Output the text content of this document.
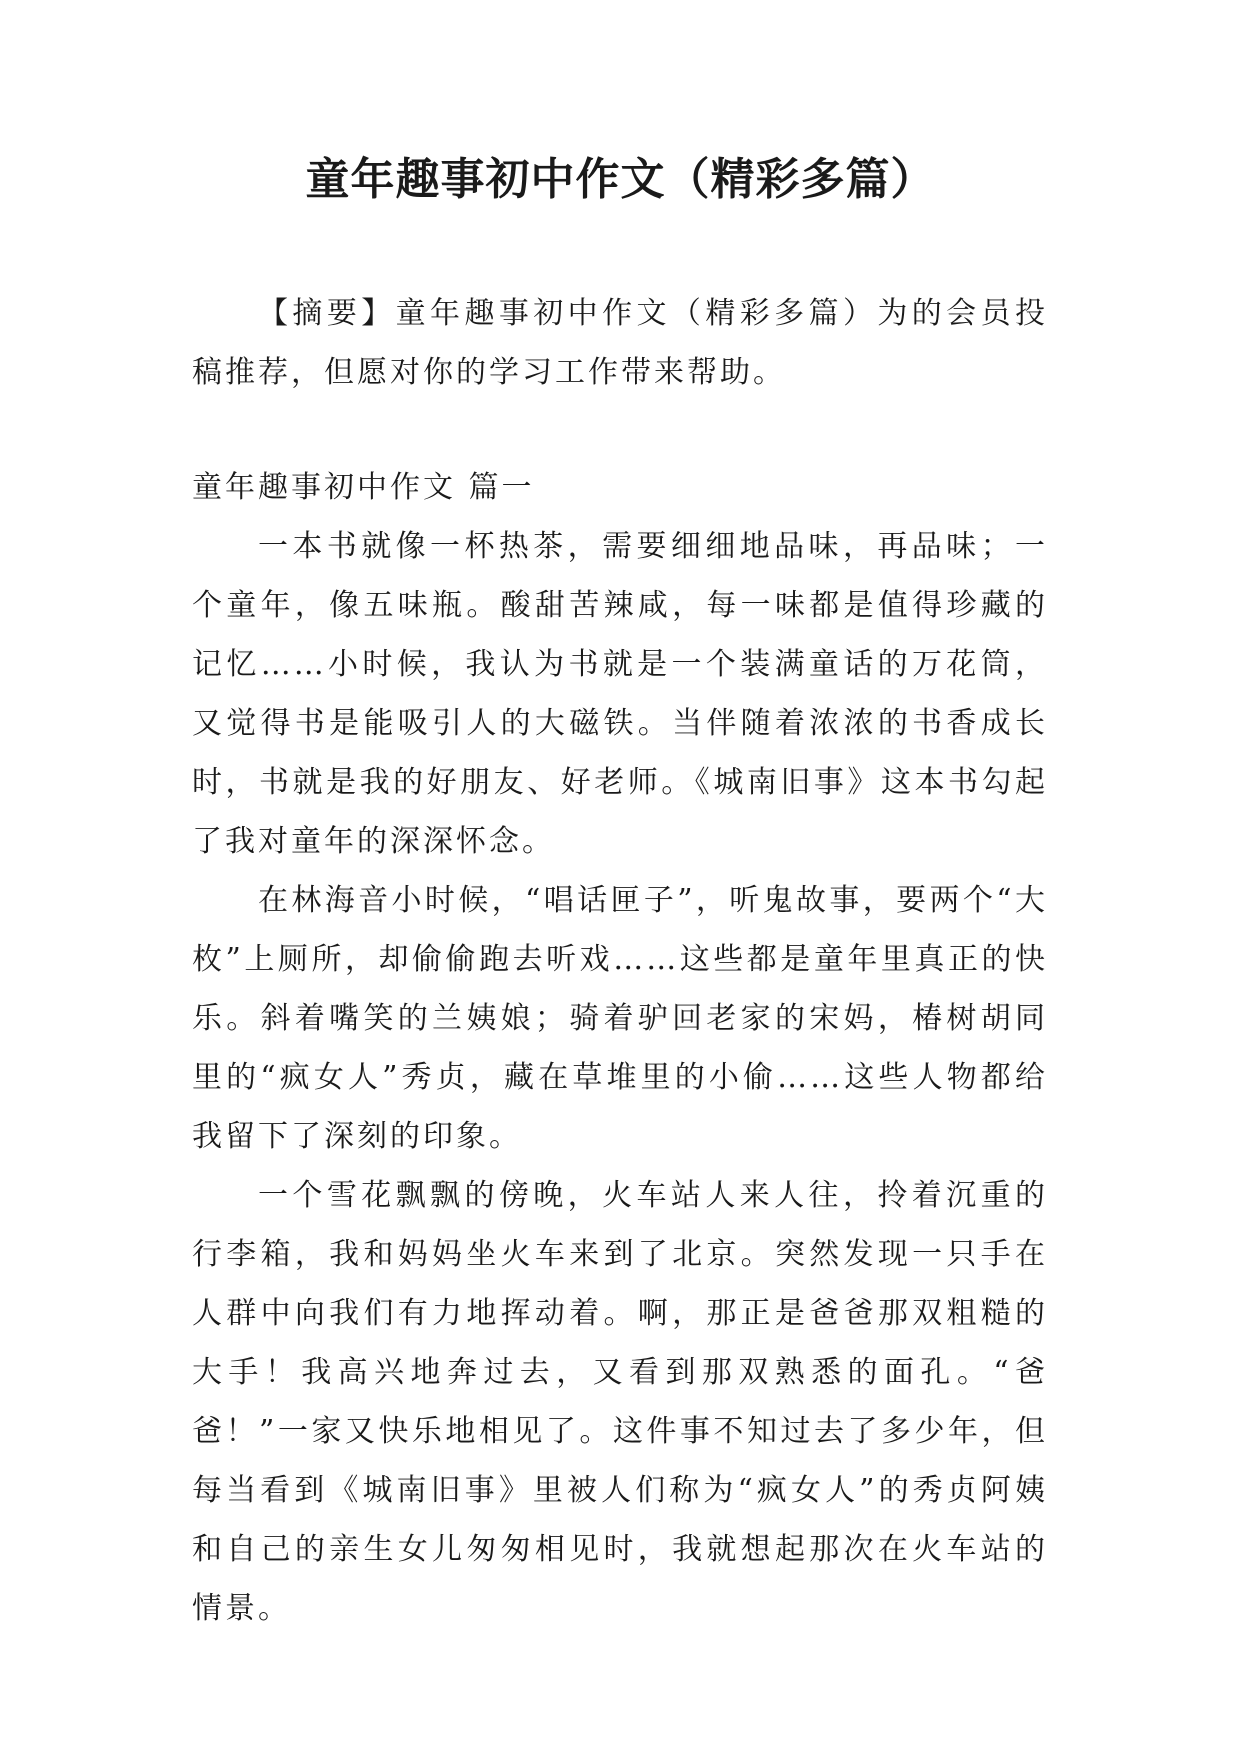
童年趣事初中作文（精彩多篇）

【摘要】童年趣事初中作文（精彩多篇）为的会员投稿推荐，但愿对你的学习工作带来帮助。

童年趣事初中作文 篇一

一本书就像一杯热茶，需要细细地品味，再品味；一个童年，像五味瓶。酸甜苦辣咸，每一味都是值得珍藏的记忆……小时候，我认为书就是一个装满童话的万花筒，又觉得书是能吸引人的大磁铁。当伴随着浓浓的书香成长时，书就是我的好朋友、好老师。《城南旧事》这本书勾起了我对童年的深深怀念。

在林海音小时候，“唱话匣子”，听鬼故事，要两个“大枚”上厕所，却偷偷跑去听戏……这些都是童年里真正的快乐。斜着嘴笑的兰姨娘；骑着驴回老家的宋妈，椿树胡同里的“疯女人”秀贞，藏在草堆里的小偷……这些人物都给我留下了深刻的印象。

一个雪花飘飘的傍晚，火车站人来人往，拎着沉重的行李箱，我和妈妈坐火车来到了北京。突然发现一只手在人群中向我们有力地挥动着。啊，那正是爸爸那双粗糙的大手！我高兴地奔过去，又看到那双熟悉的面孔。“爸爸！”一家又快乐地相见了。这件事不知过去了多少年，但每当看到《城南旧事》里被人们称为“疯女人”的秀贞阿姨和自己的亲生女儿匆匆相见时，我就想起那次在火车站的情景。
